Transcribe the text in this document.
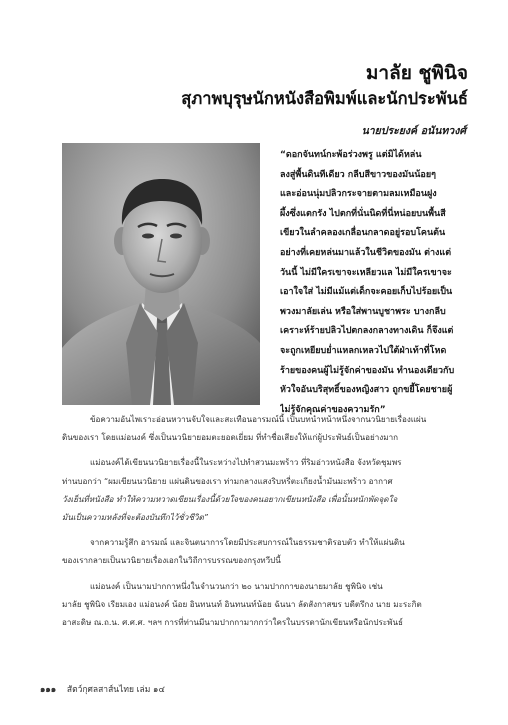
มาลัย ชูพินิจ
สุภาพบุรุษนักหนังสือพิมพ์และนักประพันธ์
นายประยงค์ อนันทวงศ์
“ดอกจันทน์กะพ้อร่วงพรู แต่มิได้หล่น
ลงสู่พื้นดินทีเดียว กลีบสีขาวของมันน้อยๆ
และอ่อนนุ่มปลิวกระจายตามลมเหมือนฝูง
ผึ้งซึ่งแตกรัง ไปตกที่นั่นนิดที่นี่หน่อยบนพื้นสี
เขียวในลำคลองเกลื่อนกลาดอยู่รอบโคนต้น
อย่างที่เคยหล่นมาแล้วในชีวิตของมัน ต่างแต่
วันนี้ ไม่มีใครเขาจะเหลียวแล ไม่มีใครเขาจะ
เอาใจใส่ ไม่มีแม้แต่เด็กจะคอยเก็บไปร้อยเป็น
พวงมาลัยเล่น หรือใส่พานบูชาพระ บางกลีบ
เคราะห์ร้ายปลิวไปตกลงกลางทางเดิน ก็จึงแต่
จะถูกเหยียบย่ำแหลกเหลวไปใต้ฝ่าเท้าที่โหด
ร้ายของคนผู้ไม่รู้จักค่าของมัน ทำนองเดียวกับ
หัวใจอันบริสุทธิ์ของหญิงสาว ถูกขยี้โดยชายผู้
ไม่รู้จักคุณค่าของความรัก”

ข้อความอันไพเราะอ่อนหวานจับใจและสะเทือนอารมณ์นี้ เป็นบทนำหน้าหนึ่งจากนวนิยายเรื่องแผ่น
ดินของเรา โดยแม่อนงค์ ซึ่งเป็นนวนิยายอมตะยอดเยี่ยม ที่ทำชื่อเสียงให้แก่ผู้ประพันธ์เป็นอย่างมาก

แม่อนงค์ได้เขียนนวนิยายเรื่องนี้ในระหว่างไปทำสวนมะพร้าว ที่ริมอ่าวหนังสือ จังหวัดชุมพร
ท่านบอกว่า “ผมเขียนนวนิยาย แผ่นดินของเรา ท่ามกลางแสงริบหรี่ตะเกียงน้ำมันมะพร้าว อากาศ
วังเย็นที่หนังสือ ทำให้ความหวาดเขียนเรื่องนี้ด้วยใจของคนอยากเขียนหนังสือ เพื่อนั้นหนักพัดจุดใจ
มันเป็นความหลังที่จะต้องบันทึกไว้ชั่วชีวิต”

จากความรู้สึก อารมณ์ และจินตนาการโดยมีประสบการณ์ในธรรมชาติรอบตัว ทำให้แผ่นดิน
ของเรากลายเป็นนวนิยายเรื่องเอกในวิถีการบรรณของกรุงทวีปนี้

แม่อนงค์ เป็นนามปากกาหนึ่งในจำนวนกว่า ๒๐ นามปากกาของนายมาลัย ชูพินิจ เช่น
มาลัย ชูพินิจ เรียมเอง แม่อนงค์ น้อย อินทนนท์ อินทนนท์น้อย ฉันนา ลัดสังกาสฆร บดีตรึกง นาย มะระกิต
อาสะดิษ ณ.ถ.น. ศ.ศ.ศ. ฯลฯ การที่ท่านมีนามปากกามากกว่าใครในบรรดานักเขียนหรือนักประพันธ์

๑๑๑ สัตว์กุศลสาส์นไทย เล่ม ๑๔
